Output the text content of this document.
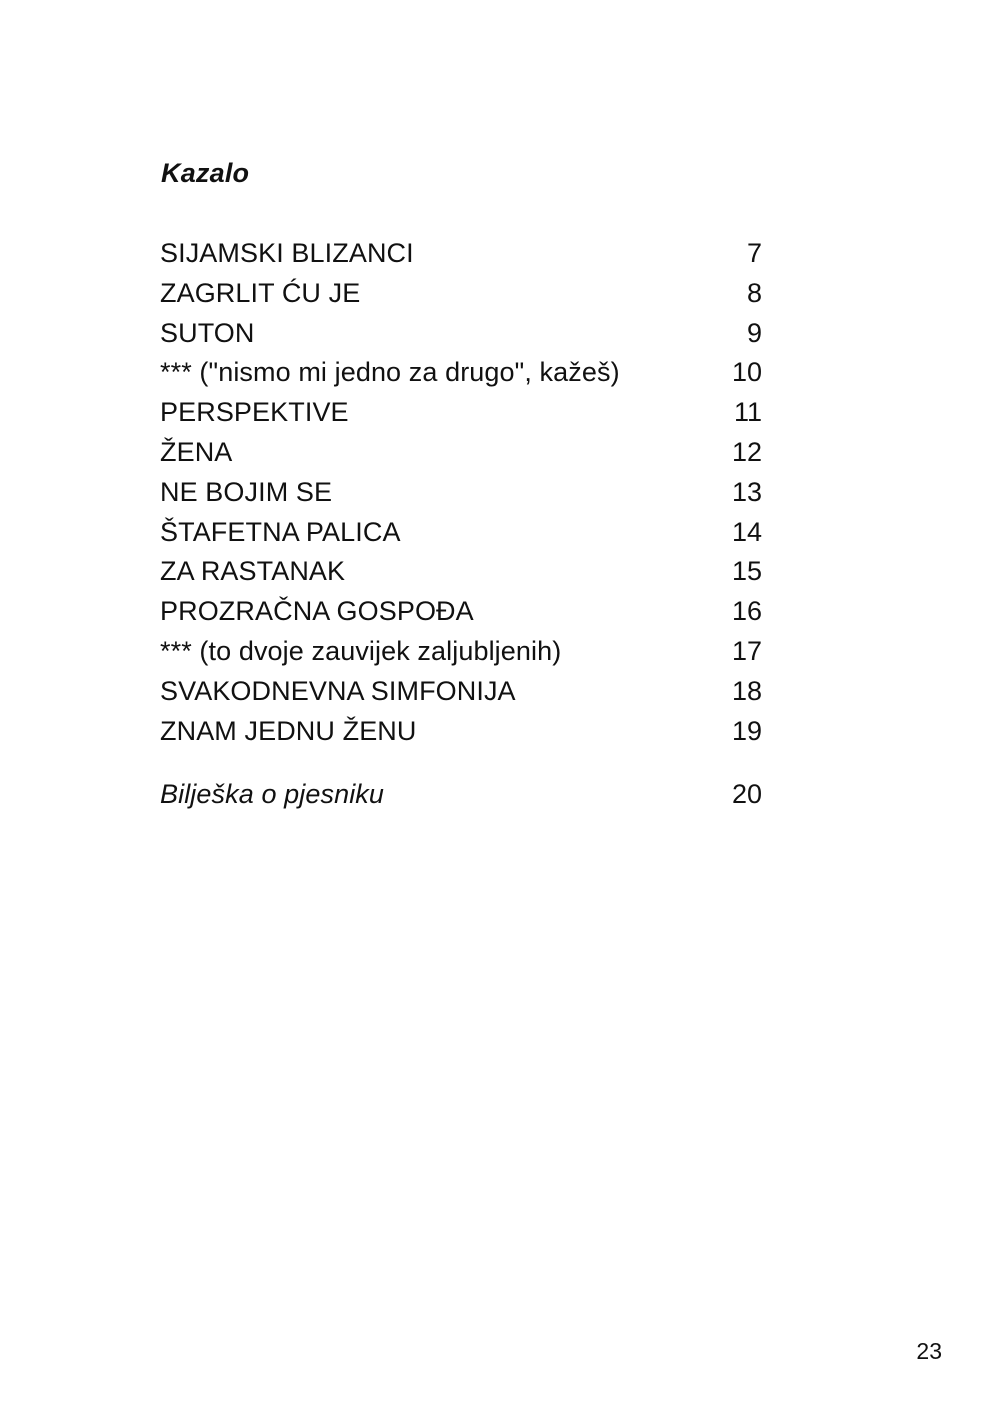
Kazalo
SIJAMSKI BLIZANCI	7
ZAGRLIT ĆU JE	8
SUTON	9
*** ("nismo mi jedno za drugo", kažeš)	10
PERSPEKTIVE	11
ŽENA	12
NE BOJIM SE	13
ŠTAFETNA PALICA	14
ZA RASTANAK	15
PROZRAČNA GOSPOĐA	16
*** (to dvoje zauvijek zaljubljenih)	17
SVAKODNEVNA SIMFONIJA	18
ZNAM JEDNU ŽENU	19
Bilješka o pjesniku	20
23
